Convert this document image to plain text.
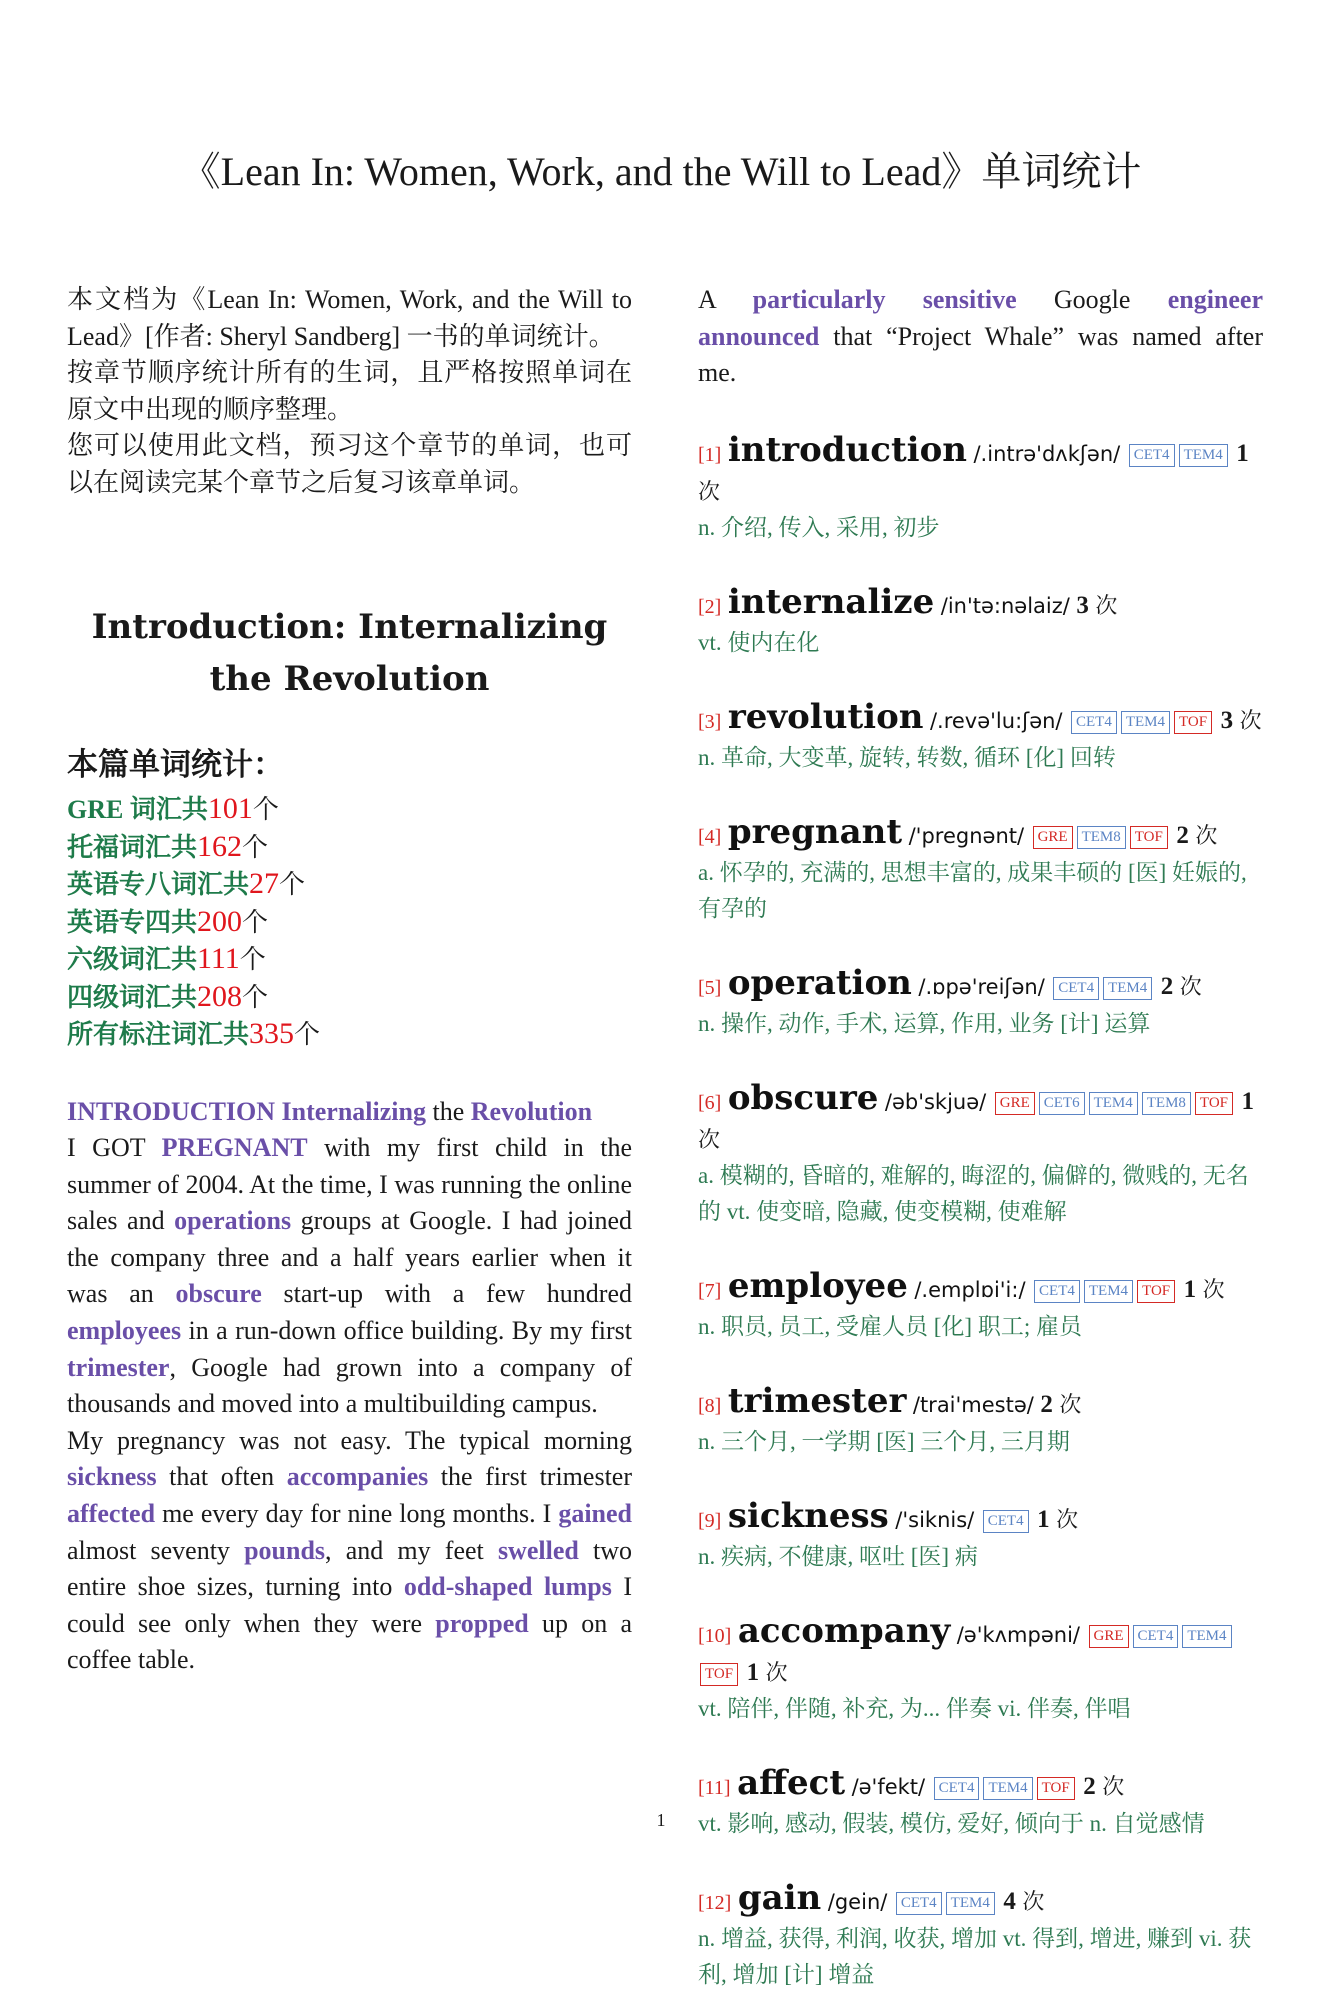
《Lean In: Women, Work, and the Will to Lead》单词统计

本文档为《Lean In: Women, Work, and the Will to Lead》[作者: Sheryl Sandberg] 一书的单词统计。

按章节顺序统计所有的生词，且严格按照单词在原文中出现的顺序整理。

您可以使用此文档，预习这个章节的单词，也可以在阅读完某个章节之后复习该章单词。

Introduction: Internalizing the Revolution
本篇单词统计：
GRE 词汇共101个
托福词汇共162个
英语专八词汇共27个
英语专四共200个
六级词汇共111个
四级词汇共208个
所有标注词汇共335个

INTRODUCTION Internalizing the Revolution

I GOT PREGNANT with my first child in the summer of 2004. At the time, I was running the online sales and operations groups at Google. I had joined the company three and a half years earlier when it was an obscure start-up with a few hundred employees in a run-down office building. By my first trimester, Google had grown into a company of thousands and moved into a multibuilding campus.

My pregnancy was not easy. The typical morning sickness that often accompanies the first trimester affected me every day for nine long months. I gained almost seventy pounds, and my feet swelled two entire shoe sizes, turning into odd-shaped lumps I could see only when they were propped up on a coffee table.

A particularly sensitive Google engineer announced that “Project Whale” was named after me.

[1] introduction /.intrə'dʌkʃən/ CET4 TEM4 1 次
n. 介绍, 传入, 采用, 初步
[2] internalize /in'tə:nəlaiz/ 3 次
vt. 使内在化
[3] revolution /.revə'lu:ʃən/ CET4 TEM4 TOF 3 次
n. 革命, 大变革, 旋转, 转数, 循环 [化] 回转
[4] pregnant /'pregnənt/ GRE TEM8 TOF 2 次
a. 怀孕的, 充满的, 思想丰富的, 成果丰硕的 [医] 妊娠的, 有孕的
[5] operation /.ɒpə'reiʃən/ CET4 TEM4 2 次
n. 操作, 动作, 手术, 运算, 作用, 业务 [计] 运算
[6] obscure /əb'skjuə/ GRE CET6 TEM4 TEM8 TOF 1 次
a. 模糊的, 昏暗的, 难解的, 晦涩的, 偏僻的, 微贱的, 无名的 vt. 使变暗, 隐藏, 使变模糊, 使难解
[7] employee /.emplɒi'i:/ CET4 TEM4 TOF 1 次
n. 职员, 员工, 受雇人员 [化] 职工; 雇员
[8] trimester /trai'mestə/ 2 次
n. 三个月, 一学期 [医] 三个月, 三月期
[9] sickness /'siknis/ CET4 1 次
n. 疾病, 不健康, 呕吐 [医] 病
[10] accompany /ə'kʌmpəni/ GRE CET4 TEM4TOF 1 次
vt. 陪伴, 伴随, 补充, 为... 伴奏 vi. 伴奏, 伴唱
[11] affect /ə'fekt/ CET4 TEM4 TOF 2 次
vt. 影响, 感动, 假装, 模仿, 爱好, 倾向于 n. 自觉感情
[12] gain /gein/ CET4 TEM4 4 次
n. 增益, 获得, 利润, 收获, 增加 vt. 得到, 增进, 赚到 vi. 获利, 增加 [计] 增益
1
